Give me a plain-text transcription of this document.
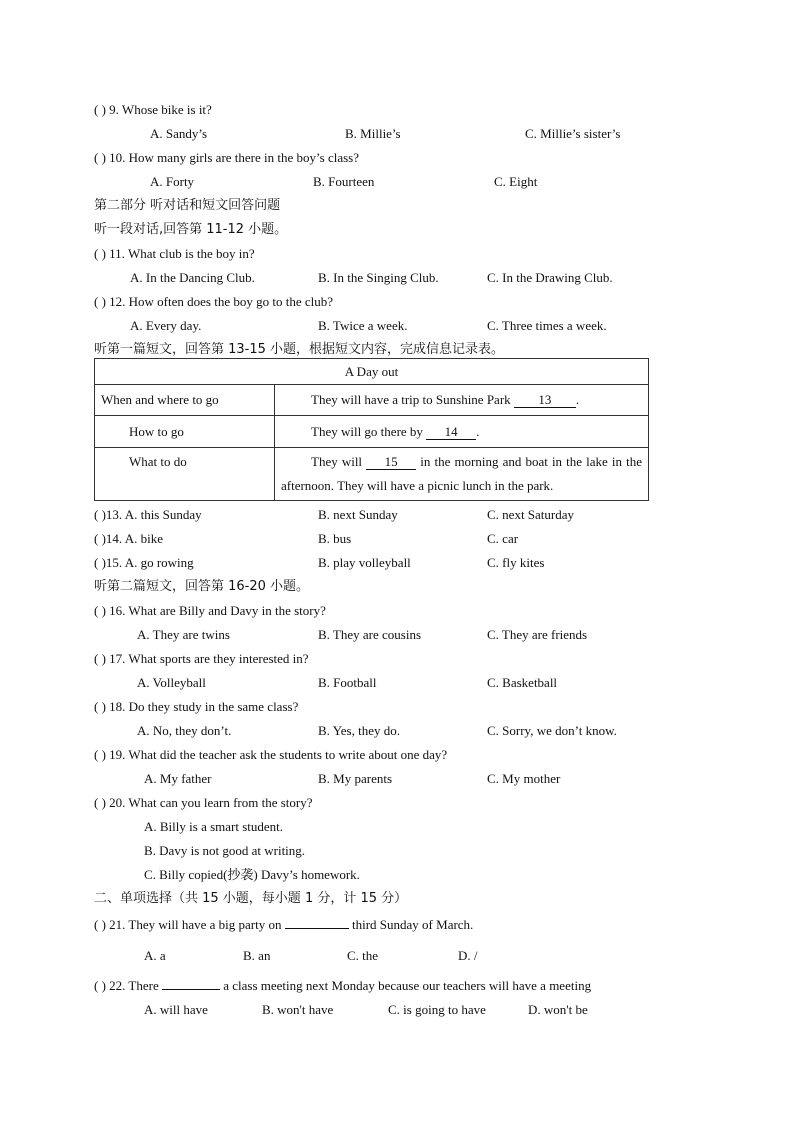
( ) 9. Whose bike is it?
A. Sandy’s	B. Millie’s	C. Millie’s sister’s
( ) 10. How many girls are there in the boy’s class?
A. Forty	B. Fourteen	C. Eight
第二部分 听对话和短文回答问题
听一段对话,回答第 11-12 小题。
( ) 11. What club is the boy in?
A. In the Dancing Club.	B. In the Singing Club.	C. In the Drawing Club.
( ) 12. How often does the boy go to the club?
A. Every day.	B. Twice a week.	C. Three times a week.
听第一篇短文，回答第 13-15 小题，根据短文内容，完成信息记录表。
A Day out	
When and where to go	They will have a trip to Sunshine Park 13 .
How to go	They will go there by 14 .
What to do	They will 15 in the morning and boat in the lake in the afternoon. They will have a picnic lunch in the park.
( )13. A. this Sunday	B. next Sunday	C. next Saturday
( )14. A. bike	B. bus	C. car
( )15. A. go rowing	B. play volleyball	C. fly kites
听第二篇短文，回答第 16-20 小题。
( ) 16. What are Billy and Davy in the story?
A. They are twins	B. They are cousins	C. They are friends
( ) 17. What sports are they interested in?
A. Volleyball	B. Football	C. Basketball
( ) 18. Do they study in the same class?
A. No, they don’t.	B. Yes, they do.	C. Sorry, we don’t know.
( ) 19. What did the teacher ask the students to write about one day?
A. My father	B. My parents	C. My mother
( ) 20. What can you learn from the story?
A. Billy is a smart student.
B. Davy is not good at writing.
C. Billy copied(抄袭) Davy’s homework.
二、单项选择（共 15 小题，每小题 1 分，计 15 分）
( ) 21. They will have a big party on	third Sunday of March.
A. a	B. an	C. the	D. /
( ) 22. There	a class meeting next Monday because our teachers will have a meeting
A. will have	B. won't have	C. is going to have	D. won't be
